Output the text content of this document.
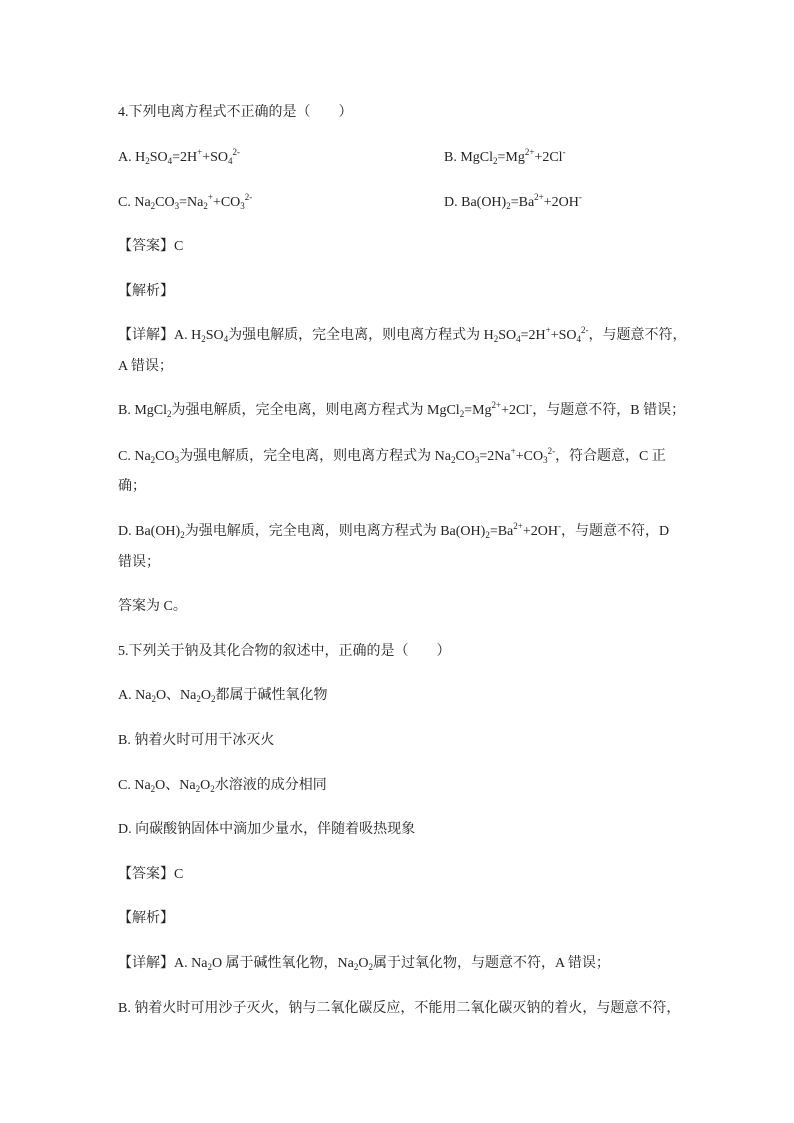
4.下列电离方程式不正确的是（　　）
A. $H_2SO_4=2H^++SO_4^{2-}$	B. $MgCl_2=Mg^{2+}+2Cl^-$
C. $Na_2CO_3=Na_2^++CO_3^{2-}$	D. $Ba(OH)_2=Ba^{2+}+2OH^-$
【答案】C
【解析】
【详解】A. $H_2SO_4$为强电解质，完全电离，则电离方程式为 $H_2SO_4=2H^++SO_4^{2-}$，与题意不符，
A 错误；
B. MgCl$_2$为强电解质，完全电离，则电离方程式为 $MgCl_2=Mg^{2+}+2Cl^-$，与题意不符，B 错误；
C. $Na_2CO_3$为强电解质，完全电离，则电离方程式为 $Na_2CO_3=2Na^++CO_3^{2-}$，符合题意，C 正
确；
D. $Ba(OH)_2$为强电解质，完全电离，则电离方程式为 $Ba(OH)_2=Ba^{2+}+2OH^-$，与题意不符，D
错误；
答案为 C。
5.下列关于钠及其化合物的叙述中，正确的是（　　）
A. $Na_2O$、$Na_2O_2$都属于碱性氧化物
B. 钠着火时可用干冰灭火
C. $Na_2O$、$Na_2O_2$水溶液的成分相同
D. 向碳酸钠固体中滴加少量水，伴随着吸热现象
【答案】C
【解析】
【详解】A. $Na_2O$ 属于碱性氧化物，$Na_2O_2$属于过氧化物，与题意不符，A 错误；
B. 钠着火时可用沙子灭火，钠与二氧化碳反应，不能用二氧化碳灭钠的着火，与题意不符，
